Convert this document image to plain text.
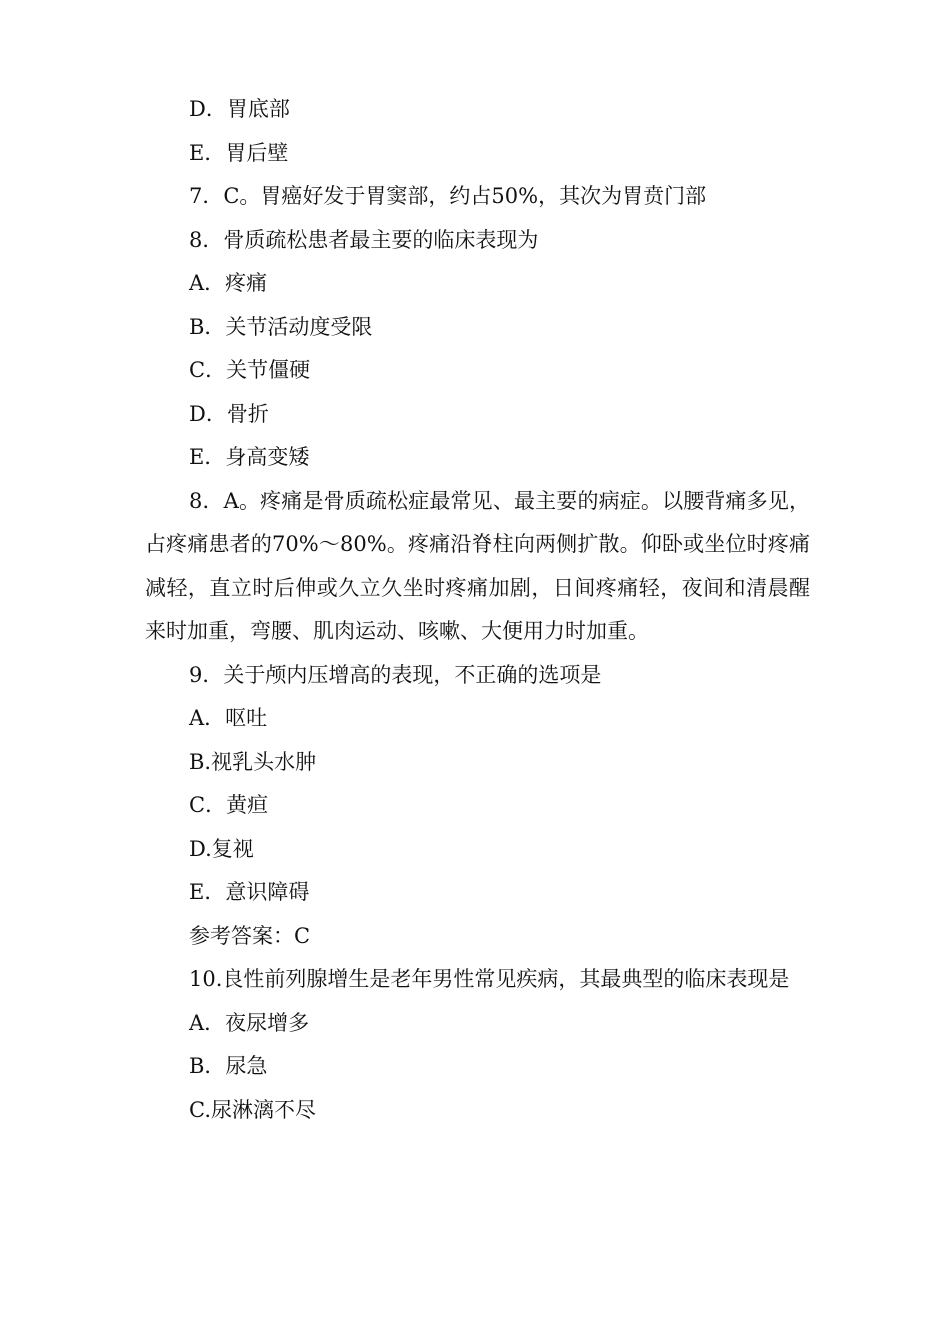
D．胃底部
E．胃后壁
7．C。胃癌好发于胃窦部，约占50%，其次为胃贲门部
8．骨质疏松患者最主要的临床表现为
A．疼痛
B．关节活动度受限
C．关节僵硬
D．骨折
E．身高变矮
8．A。疼痛是骨质疏松症最常见、最主要的病症。以腰背痛多见，占疼痛患者的70%～80%。疼痛沿脊柱向两侧扩散。仰卧或坐位时疼痛减轻，直立时后伸或久立久坐时疼痛加剧，日间疼痛轻，夜间和清晨醒来时加重，弯腰、肌肉运动、咳嗽、大便用力时加重。
9．关于颅内压增高的表现，不正确的选项是
A．呕吐
B.视乳头水肿
C．黄疸
D.复视
E．意识障碍
参考答案：C
10.良性前列腺增生是老年男性常见疾病，其最典型的临床表现是
A．夜尿增多
B．尿急
C.尿淋漓不尽
